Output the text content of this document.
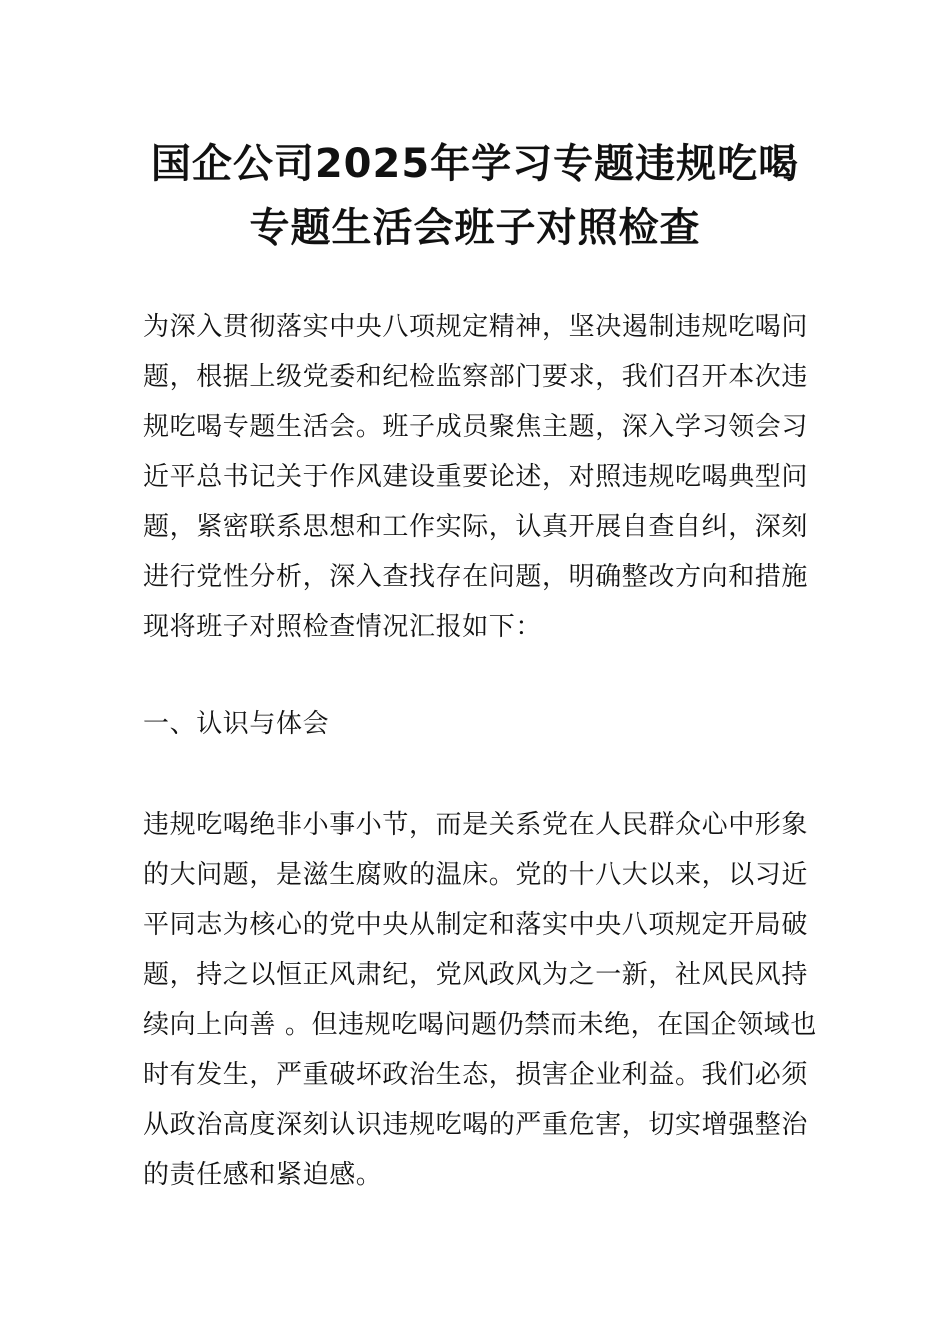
国企公司2025年学习专题违规吃喝
专题生活会班子对照检查
为深入贯彻落实中央八项规定精神，坚决遏制违规吃喝问
题，根据上级党委和纪检监察部门要求，我们召开本次违
规吃喝专题生活会。班子成员聚焦主题，深入学习领会习
近平总书记关于作风建设重要论述，对照违规吃喝典型问
题，紧密联系思想和工作实际，认真开展自查自纠，深刻
进行党性分析，深入查找存在问题，明确整改方向和措施
现将班子对照检查情况汇报如下：
一、认识与体会
违规吃喝绝非小事小节，而是关系党在人民群众心中形象
的大问题，是滋生腐败的温床。党的十八大以来，以习近
平同志为核心的党中央从制定和落实中央八项规定开局破
题，持之以恒正风肃纪，党风政风为之一新，社风民风持
续向上向善 。但违规吃喝问题仍禁而未绝，在国企领域也
时有发生，严重破坏政治生态，损害企业利益。我们必须
从政治高度深刻认识违规吃喝的严重危害，切实增强整治
的责任感和紧迫感。
